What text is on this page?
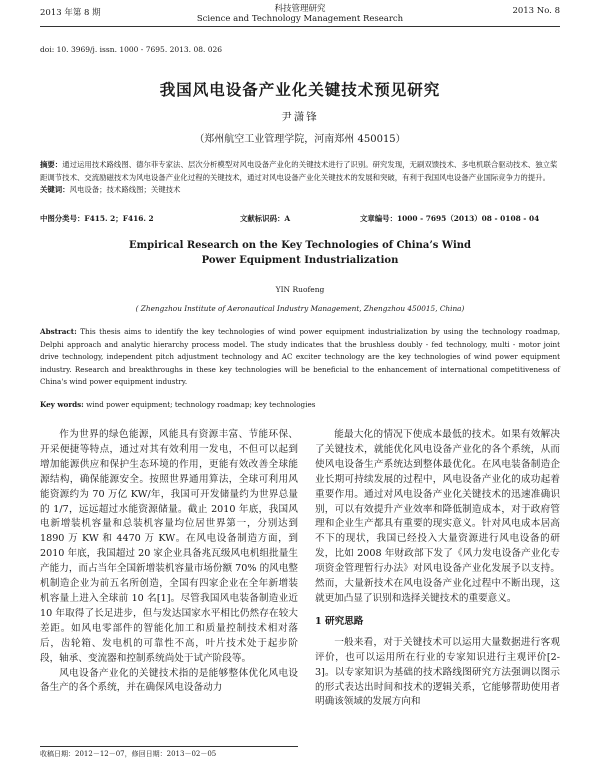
2013 年第 8 期	科技管理研究
Science and Technology Management Research
2013 No. 8
doi: 10. 3969/j. issn. 1000 - 7695. 2013. 08. 026
我国风电设备产业化关键技术预见研究
尹潇锋
（郑州航空工业管理学院，河南郑州 450015）
摘要：通过运用技术路线图、德尔菲专家法、层次分析模型对风电设备产业化的关键技术进行了识别。研究发现，无刷双馈技术、多电机联合驱动技术、独立桨距调节技术、交流励磁技术为风电设备产业化过程的关键技术，通过对风电设备产业化关键技术的发展和突破，有利于我国风电设备产业国际竞争力的提升。
关键词：风电设备；技术路线图；关键技术
中图分类号：F415. 2；F416. 2	文献标识码：A	文章编号：1000 - 7695（2013）08 - 0108 - 04
Empirical Research on the Key Technologies of China’s Wind
Power Equipment Industrialization
YIN Ruofeng
( Zhengzhou Institute of Aeronautical Industry Management, Zhengzhou 450015, China)
Abstract: This thesis aims to identify the key technologies of wind power equipment industrialization by using the technology roadmap, Delphi approach and analytic hierarchy process model. The study indicates that the brushless doubly - fed technology, multi - motor joint drive technology, independent pitch adjustment technology and AC exciter technology are the key technologies of wind power equipment industry. Research and breakthroughs in these key technologies will be beneficial to the enhancement of international competitiveness of China's wind power equipment industry.
Key words: wind power equipment; technology roadmap; key technologies

作为世界的绿色能源，风能具有资源丰富、节能环保、开采便捷等特点，通过对其有效利用一发电，不但可以起到增加能源供应和保护生态环境的作用，更能有效改善全球能源结构，确保能源安全。按照世界通用算法，全球可利用风能资源约为 70 万亿 KW/年，我国可开发储量约为世界总量的 1/7，远远超过水能资源储量。截止 2010 年底，我国风电新增装机容量和总装机容量均位居世界第一，分别达到 1890 万 KW 和 4470 万 KW。在风电设备制造方面，到 2010 年底，我国超过 20 家企业具备兆瓦级风电机组批量生产能力，而占当年全国新增装机容量市场份额 70% 的风电整机制造企业为前五名所创造，全国有四家企业在全年新增装机容量上进入全球前 10 名[1]。尽管我国风电装备制造业近 10 年取得了长足进步，但与发达国家水平相比仍然存在较大差距。如风电零部件的智能化加工和质量控制技术相对落后，齿轮箱、发电机的可靠性不高，叶片技术处于起步阶段，轴承、变流器和控制系统尚处于试产阶段等。

风电设备产业化的关键技术指的是能够整体优化风电设备生产的各个系统，并在确保风电设备动力

能最大化的情况下使成本最低的技术。如果有效解决了关键技术，就能优化风电设备产业化的各个系统，从而使风电设备生产系统达到整体最优化。在风电装备制造企业长期可持续发展的过程中，风电设备产业化的成功起着重要作用。通过对风电设备产业化关键技术的迅速准确识别，可以有效提升产业效率和降低制造成本，对于政府管理和企业生产都具有重要的现实意义。针对风电成本居高不下的现状，我国已经投入大量资源进行风电设备的研发，比如 2008 年财政部下发了《风力发电设备产业化专项资金管理暂行办法》对风电设备产业化发展予以支持。然而，大量新技术在风电设备产业化过程中不断出现，这就更加凸显了识别和选择关键技术的重要意义。

1 研究思路

一般来看，对于关键技术可以运用大量数据进行客观评价，也可以运用所在行业的专家知识进行主观评价[2-3]。以专家知识为基础的技术路线图研究方法强调以图示的形式表达出时间和技术的逻辑关系，它能够帮助使用者明确该领域的发展方向和

收稿日期：2012－12－07，修回日期：2013－02－05
